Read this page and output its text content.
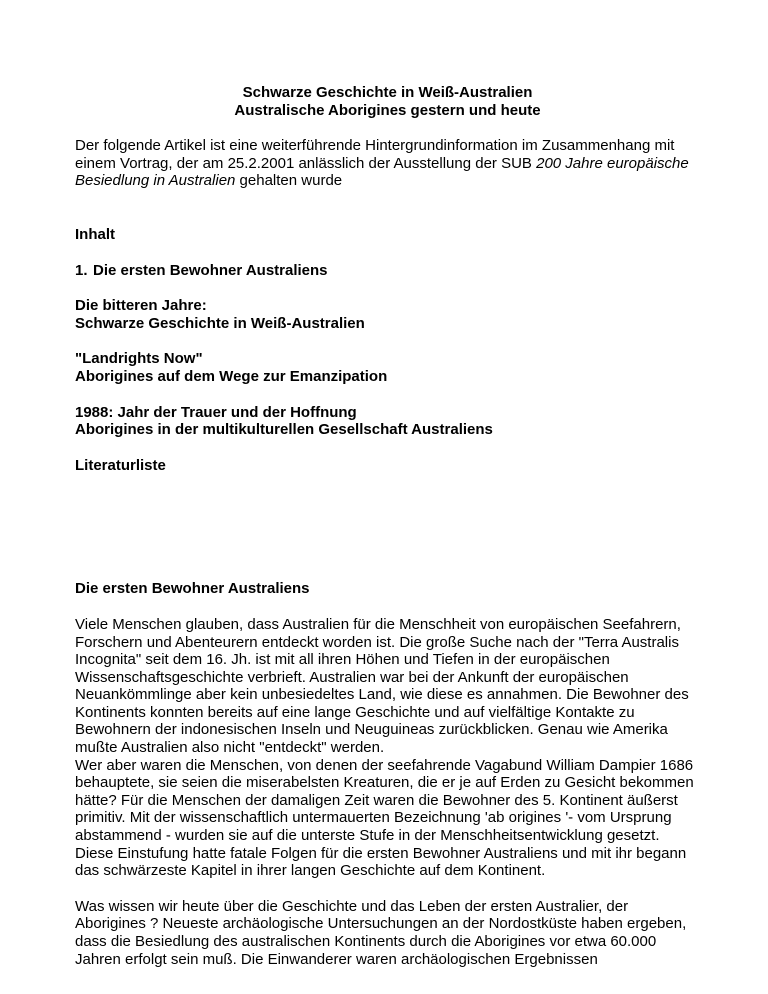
Schwarze Geschichte in Weiß-Australien
Australische Aborigines gestern und heute

Der folgende Artikel ist eine weiterführende Hintergrundinformation im Zusammenhang mit einem Vortrag, der am 25.2.2001 anlässlich der Ausstellung der SUB 200 Jahre europäische Besiedlung in Australien gehalten wurde

Inhalt

1. Die ersten Bewohner Australiens
Die bitteren Jahre:
Schwarze Geschichte in Weiß-Australien
"Landrights Now"
Aborigines auf dem Wege zur Emanzipation
1988: Jahr der Trauer und der Hoffnung
Aborigines in der multikulturellen Gesellschaft Australiens
Literaturliste

Die ersten Bewohner Australiens

Viele Menschen glauben, dass Australien für die Menschheit von europäischen Seefahrern, Forschern und Abenteurern entdeckt worden ist. Die große Suche nach der "Terra Australis Incognita" seit dem 16. Jh. ist mit all ihren Höhen und Tiefen in der europäischen Wissenschaftsgeschichte verbrieft. Australien war bei der Ankunft der europäischen Neuankömmlinge aber kein unbesiedeltes Land, wie diese es annahmen. Die Bewohner des Kontinents konnten bereits auf eine lange Geschichte und auf vielfältige Kontakte zu Bewohnern der indonesischen Inseln und Neuguineas zurückblicken. Genau wie Amerika mußte Australien also nicht "entdeckt" werden.
Wer aber waren die Menschen, von denen der seefahrende Vagabund William Dampier 1686 behauptete, sie seien die miserabelsten Kreaturen, die er je auf Erden zu Gesicht bekommen hätte? Für die Menschen der damaligen Zeit waren die Bewohner des 5. Kontinent äußerst primitiv. Mit der wissenschaftlich untermauerten Bezeichnung 'ab origines '- vom Ursprung abstammend - wurden sie auf die unterste Stufe in der Menschheitsentwicklung gesetzt. Diese Einstufung hatte fatale Folgen für die ersten Bewohner Australiens und mit ihr begann das schwärzeste Kapitel in ihrer langen Geschichte auf dem Kontinent.

Was wissen wir heute über die Geschichte und das Leben der ersten Australier, der Aborigines ? Neueste archäologische Untersuchungen an der Nordostküste haben ergeben, dass die Besiedlung des australischen Kontinents durch die Aborigines vor etwa 60.000 Jahren erfolgt sein muß. Die Einwanderer waren archäologischen Ergebnissen
